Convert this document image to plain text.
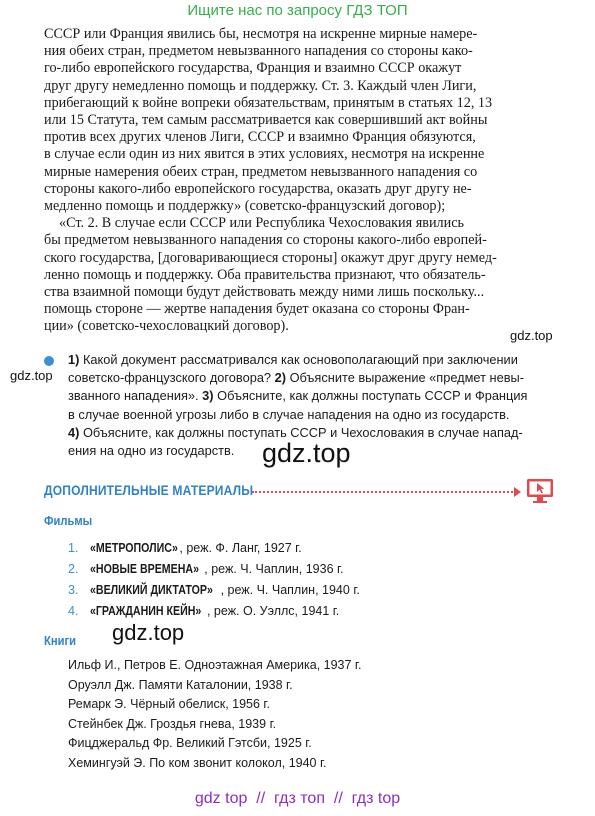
Ищите нас по запросу ГДЗ ТОП
СССР или Франция явились бы, несмотря на искренне мирные намере-
ния обеих стран, предметом невызванного нападения со стороны како-
го-либо европейского государства, Франция и взаимно СССР окажут
друг другу немедленно помощь и поддержку. Ст. 3. Каждый член Лиги,
прибегающий к войне вопреки обязательствам, принятым в статьях 12, 13
или 15 Статута, тем самым рассматривается как совершивший акт войны
против всех других членов Лиги, СССР и взаимно Франция обязуются,
в случае если один из них явится в этих условиях, несмотря на искренне
мирные намерения обеих стран, предметом невызванного нападения со
стороны какого-либо европейского государства, оказать друг другу не-
медленно помощь и поддержку» (советско-французский договор);
«Ст. 2. В случае если СССР или Республика Чехословакия явились
бы предметом невызванного нападения со стороны какого-либо европей-
ского государства, [договаривающиеся стороны] окажут друг другу немед-
ленно помощь и поддержку. Оба правительства признают, что обязатель-
ства взаимной помощи будут действовать между ними лишь поскольку...
помощь стороне — жертве нападения будет оказана со стороны Фран-
ции» (советско-чехословацкий договор).
gdz.top
gdz.top
1) Какой документ рассматривался как основополагающий при заключении
советско-французского договора? 2) Объясните выражение «предмет невы-
званного нападения». 3) Объясните, как должны поступать СССР и Франция
в случае военной угрозы либо в случае нападения на одно из государств.
4) Объясните, как должны поступать СССР и Чехословакия в случае напад-
ения на одно из государств.	gdz.top
ДОПОЛНИТЕЛЬНЫЕ МАТЕРИАЛЫ
Фильмы
1. «МЕТРОПОЛИС» , реж. Ф. Ланг, 1927 г.
2. «НОВЫЕ ВРЕМЕНА» , реж. Ч. Чаплин, 1936 г.
3. «ВЕЛИКИЙ ДИКТАТОР» , реж. Ч. Чаплин, 1940 г.
4. «ГРАЖДАНИН КЕЙН» , реж. О. Уэллс, 1941 г.
gdz.top
Книги
Ильф И., Петров Е. Одноэтажная Америка, 1937 г.
Оруэлл Дж. Памяти Каталонии, 1938 г.
Ремарк Э. Чёрный обелиск, 1956 г.
Стейнбек Дж. Гроздья гнева, 1939 г.
Фицджеральд Фр. Великий Гэтсби, 1925 г.
Хемингуэй Э. По ком звонит колокол, 1940 г.
gdz top  //  гдз топ  //  гдз top
